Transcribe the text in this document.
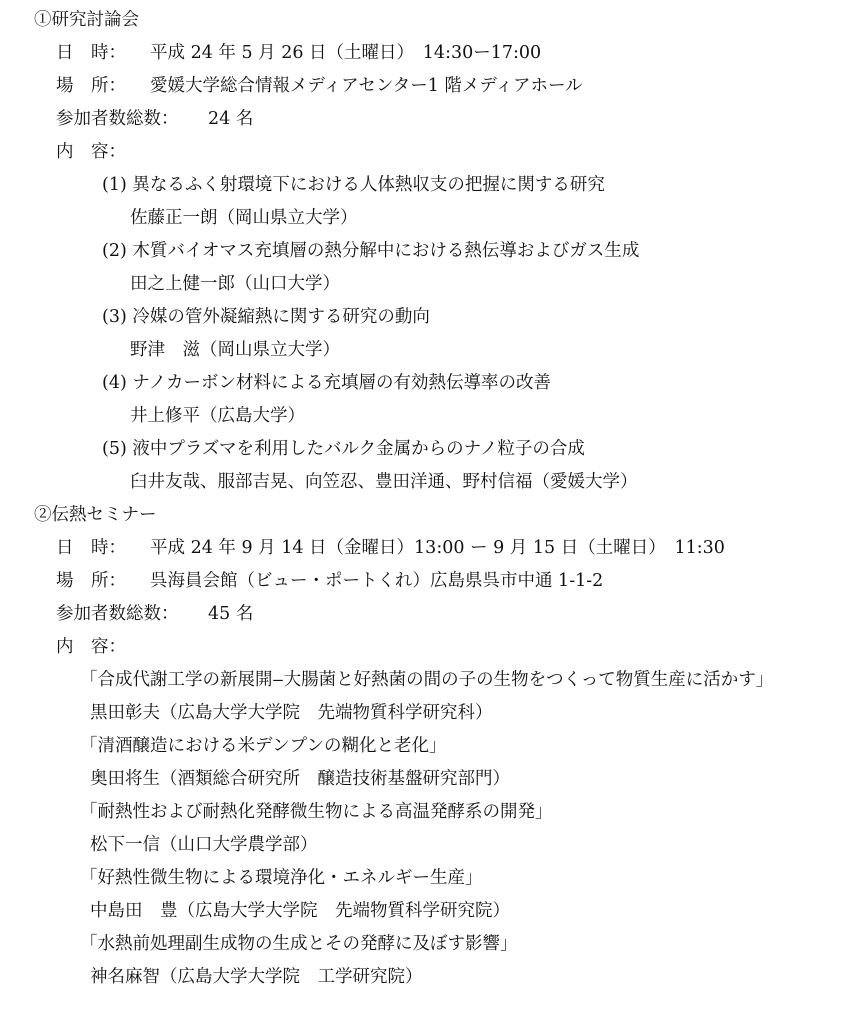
①研究討論会
日　時： 平成 24 年 5 月 26 日（土曜日）　14:30ー17:00
場　所： 愛媛大学総合情報メディアセンター1 階メディアホール
参加者数総数： 24 名
内　容：
(1) 異なるふく射環境下における人体熱収支の把握に関する研究
佐藤正一朗（岡山県立大学）
(2) 木質バイオマス充填層の熱分解中における熱伝導およびガス生成
田之上健一郎（山口大学）
(3) 冷媒の管外凝縮熱に関する研究の動向
野津　滋（岡山県立大学）
(4) ナノカーボン材料による充填層の有効熱伝導率の改善
井上修平（広島大学）
(5) 液中プラズマを利用したバルク金属からのナノ粒子の合成
臼井友哉、服部吉晃、向笠忍、豊田洋通、野村信福（愛媛大学）
②伝熱セミナー
日　時： 平成 24 年 9 月 14 日（金曜日）13:00 ー 9 月 15 日（土曜日）　11:30
場　所： 呉海員会館（ビュー・ポートくれ）広島県呉市中通 1-1-2
参加者数総数： 45 名
内　容：
「合成代謝工学の新展開‒大腸菌と好熱菌の間の子の生物をつくって物質生産に活かす」
黒田彰夫（広島大学大学院　先端物質科学研究科）
「清酒醸造における米デンプンの糊化と老化」
奥田将生（酒類総合研究所　醸造技術基盤研究部門）
「耐熱性および耐熱化発酵微生物による高温発酵系の開発」
松下一信（山口大学農学部）
「好熱性微生物による環境浄化・エネルギー生産」
中島田　豊（広島大学大学院　先端物質科学研究院）
「水熱前処理副生成物の生成とその発酵に及ぼす影響」
神名麻智（広島大学大学院　工学研究院）
